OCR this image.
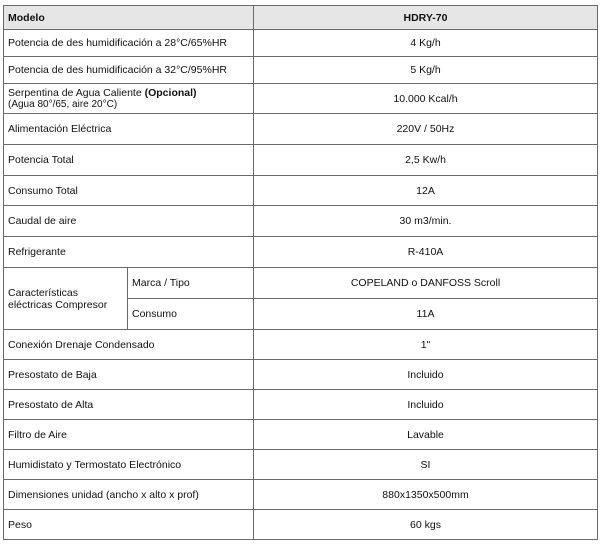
Modelo		HDRY-70
Potencia de des humidificación a 28°C/65%HR		4 Kg/h
Potencia de des humidificación a 32°C/95%HR		5 Kg/h
Serpentina de Agua Caliente (Opcional)
(Agua 80°/65, aire 20°C)		10.000 Kcal/h
Alimentación Eléctrica		220V / 50Hz
Potencia Total		2,5 Kw/h
Consumo Total		12A
Caudal de aire		30 m3/min.
Refrigerante		R-410A
Características eléctricas Compresor	Marca / Tipo	COPELAND o DANFOSS Scroll
	Consumo	11A
Conexión Drenaje Condensado		1"
Presostato de Baja		Incluido
Presostato de Alta		Incluido
Filtro de Aire		Lavable
Humidistato y Termostato Electrónico		SI
Dimensiones unidad (ancho x alto x prof)		880x1350x500mm
Peso		60 kgs
